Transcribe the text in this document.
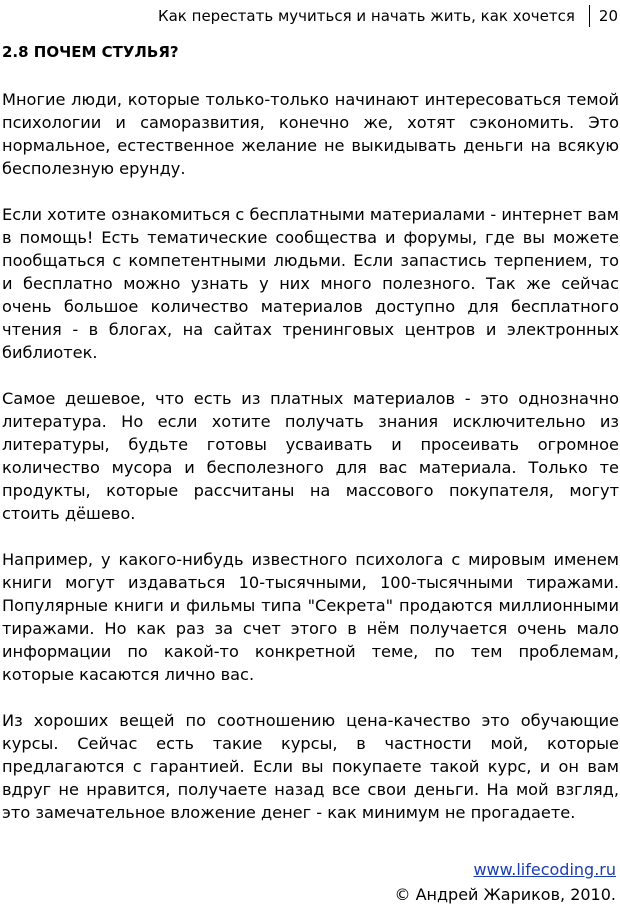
Как перестать мучиться и начать жить, как хочется 20
2.8 ПОЧЕМ СТУЛЬЯ?

Многие люди, которые только-только начинают интересоваться темой психологии и саморазвития, конечно же, хотят сэкономить. Это нормальное, естественное желание не выкидывать деньги на всякую бесполезную ерунду.

Если хотите ознакомиться с бесплатными материалами - интернет вам в помощь! Есть тематические сообщества и форумы, где вы можете пообщаться с компетентными людьми. Если запастись терпением, то и бесплатно можно узнать у них много полезного. Так же сейчас очень большое количество материалов доступно для бесплатного чтения - в блогах, на сайтах тренинговых центров и электронных библиотек.

Самое дешевое, что есть из платных материалов - это однозначно литература. Но если хотите получать знания исключительно из литературы, будьте готовы усваивать и просеивать огромное количество мусора и бесполезного для вас материала. Только те продукты, которые рассчитаны на массового покупателя, могут стоить дёшево.

Например, у какого-нибудь известного психолога с мировым именем книги могут издаваться 10-тысячными, 100-тысячными тиражами. Популярные книги и фильмы типа "Секрета" продаются миллионными тиражами. Но как раз за счет этого в нём получается очень мало информации по какой-то конкретной теме, по тем проблемам, которые касаются лично вас.

Из хороших вещей по соотношению цена-качество это обучающие курсы. Сейчас есть такие курсы, в частности мой, которые предлагаются с гарантией. Если вы покупаете такой курс, и он вам вдруг не нравится, получаете назад все свои деньги. На мой взгляд, это замечательное вложение денег - как минимум не прогадаете.

www.lifecoding.ru
© Андрей Жариков, 2010.
